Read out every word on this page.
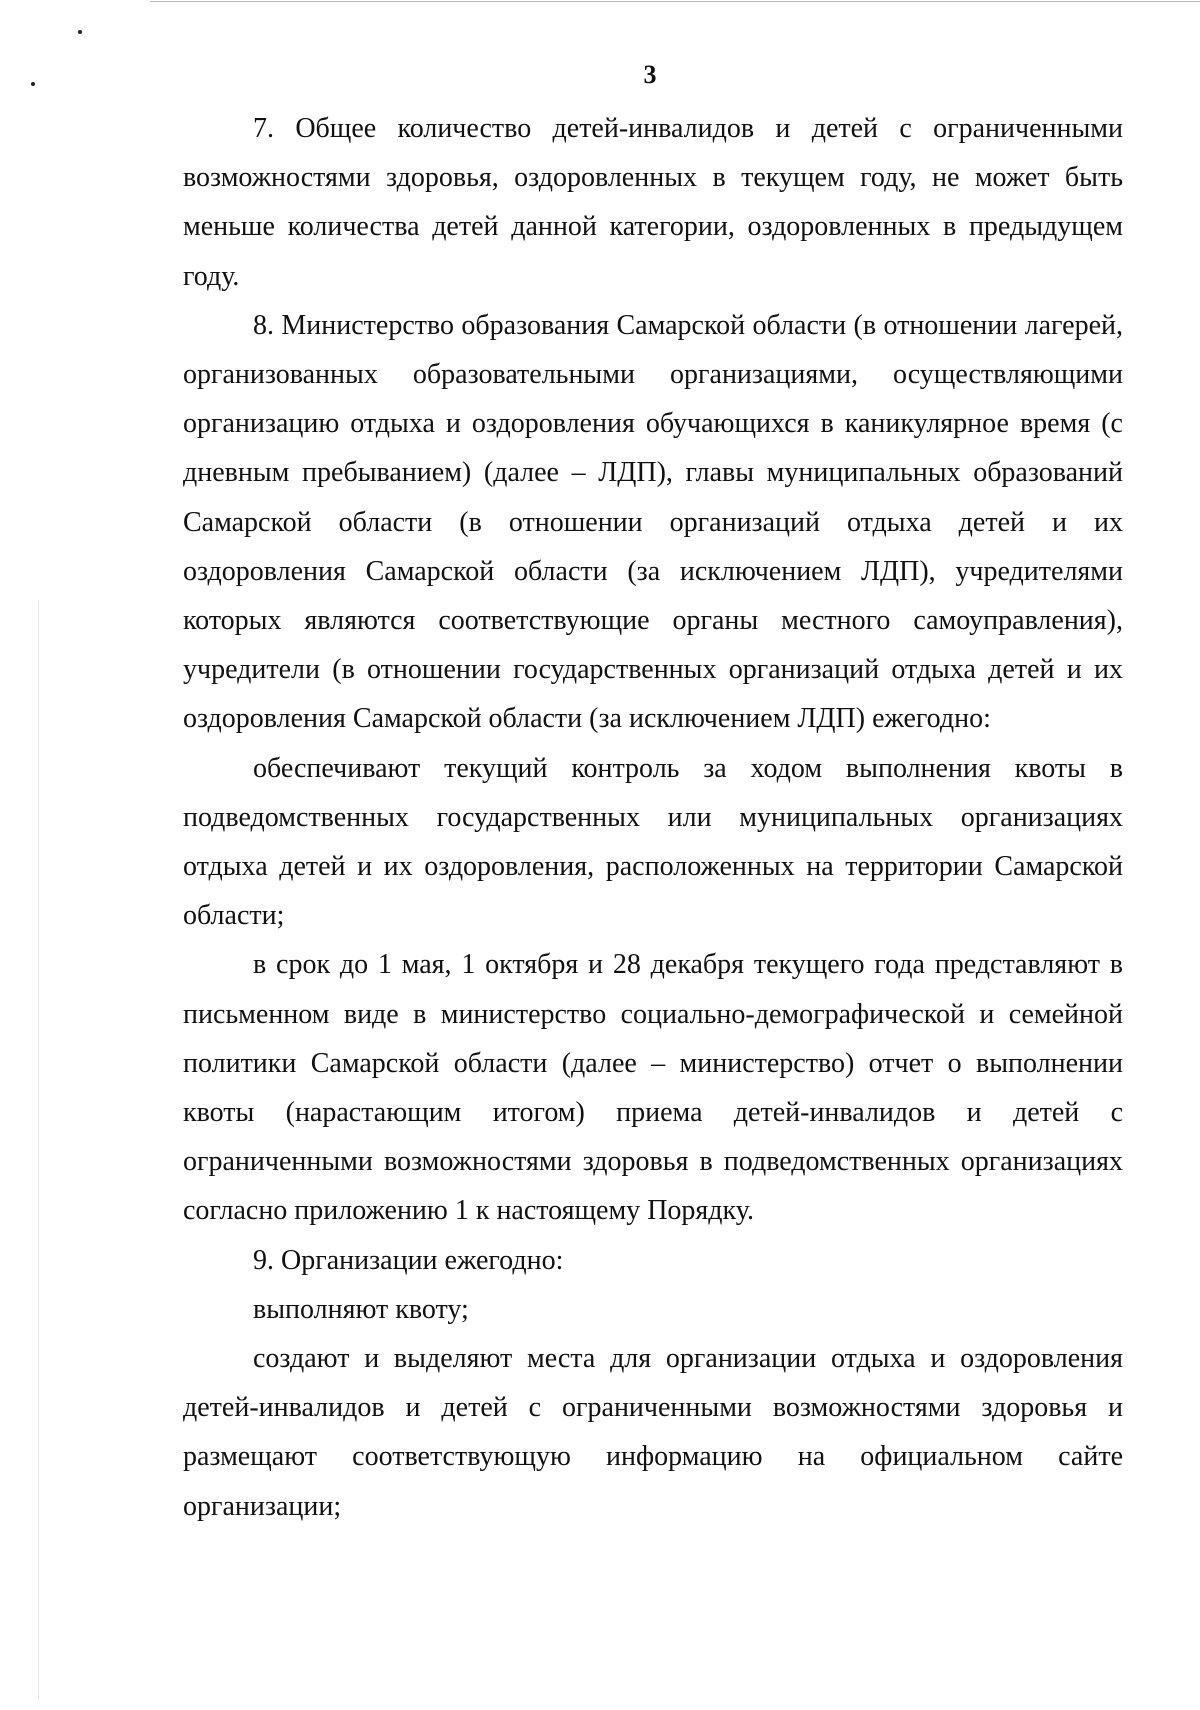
3

7. Общее количество детей-инвалидов и детей с ограниченными возможностями здоровья, оздоровленных в текущем году, не может быть меньше количества детей данной категории, оздоровленных в предыдущем году.

8. Министерство образования Самарской области (в отношении лагерей, организованных образовательными организациями, осуществляющими организацию отдыха и оздоровления обучающихся в каникулярное время (с дневным пребыванием) (далее – ЛДП), главы муниципальных образований Самарской области (в отношении организаций отдыха детей и их оздоровления Самарской области (за исключением ЛДП), учредителями которых являются соответствующие органы местного самоуправления), учредители (в отношении государственных организаций отдыха детей и их оздоровления Самарской области (за исключением ЛДП) ежегодно:

обеспечивают текущий контроль за ходом выполнения квоты в подведомственных государственных или муниципальных организациях отдыха детей и их оздоровления, расположенных на территории Самарской области;

в срок до 1 мая, 1 октября и 28 декабря текущего года представляют в письменном виде в министерство социально-демографической и семейной политики Самарской области (далее – министерство) отчет о выполнении квоты (нарастающим итогом) приема детей-инвалидов и детей с ограниченными возможностями здоровья в подведомственных организациях согласно приложению 1 к настоящему Порядку.

9. Организации ежегодно:

выполняют квоту;

создают и выделяют места для организации отдыха и оздоровления детей-инвалидов и детей с ограниченными возможностями здоровья и размещают соответствующую информацию на официальном сайте организации;
